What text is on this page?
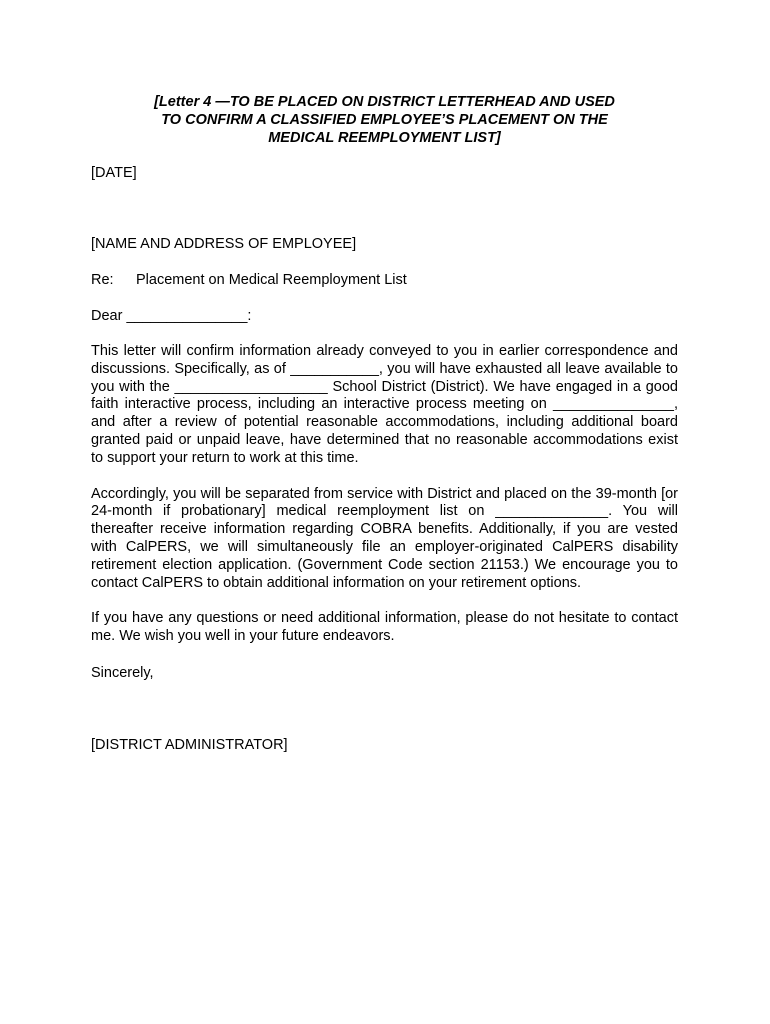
[Letter 4 —TO BE PLACED ON DISTRICT LETTERHEAD AND USED
TO CONFIRM A CLASSIFIED EMPLOYEE’S PLACEMENT ON THE
MEDICAL REEMPLOYMENT LIST]

[DATE]

[NAME AND ADDRESS OF EMPLOYEE]

Re:	Placement on Medical Reemployment List

Dear _______________:

This letter will confirm information already conveyed to you in earlier correspondence and discussions. Specifically, as of ___________, you will have exhausted all leave available to you with the ___________________ School District (District). We have engaged in a good faith interactive process, including an interactive process meeting on _______________, and after a review of potential reasonable accommodations, including additional board granted paid or unpaid leave, have determined that no reasonable accommodations exist to support your return to work at this time.

Accordingly, you will be separated from service with District and placed on the 39-month [or 24-month if probationary] medical reemployment list on ______________. You will thereafter receive information regarding COBRA benefits. Additionally, if you are vested with CalPERS, we will simultaneously file an employer-originated CalPERS disability retirement election application. (Government Code section 21153.) We encourage you to contact CalPERS to obtain additional information on your retirement options.

If you have any questions or need additional information, please do not hesitate to contact me. We wish you well in your future endeavors.

Sincerely,

[DISTRICT ADMINISTRATOR]
